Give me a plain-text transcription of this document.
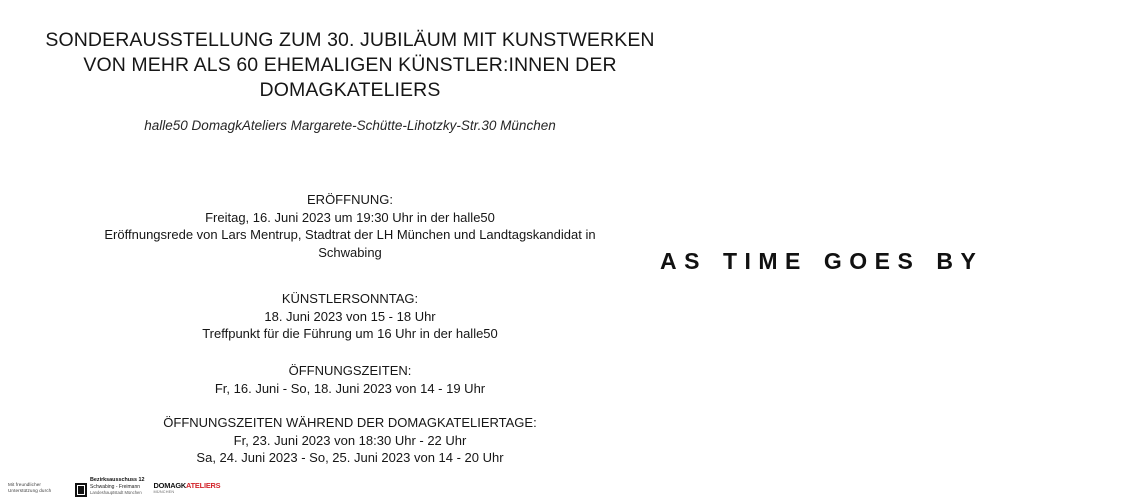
SONDERAUSSTELLUNG ZUM 30. JUBILÄUM MIT KUNSTWERKEN
VON MEHR ALS 60 EHEMALIGEN KÜNSTLER:INNEN DER
DOMAGKATELIERS
halle50 DomagkAteliers Margarete-Schütte-Lihotzky-Str.30 München
ERÖFFNUNG:
Freitag, 16. Juni 2023 um 19:30 Uhr in der halle50
Eröffnungsrede von Lars Mentrup, Stadtrat der LH München und Landtagskandidat in
Schwabing
KÜNSTLERSONNTAG:
18. Juni 2023 von 15 - 18 Uhr
Treffpunkt für die Führung um 16 Uhr in der halle50
ÖFFNUNGSZEITEN:
Fr, 16. Juni - So, 18. Juni 2023 von 14 - 19 Uhr
ÖFFNUNGSZEITEN WÄHREND DER DOMAGKATELIERTAGE:
Fr, 23. Juni 2023 von 18:30 Uhr - 22 Uhr
Sa, 24. Juni 2023 - So, 25. Juni 2023 von 14 - 20 Uhr
AS TIME GOES BY
Mit freundlicher Unterstützung durch
Bezirksausschuss 12
Schwabing - Freimann
Landeshauptstadt München
DOMAGKATELIERS
MÜNCHEN
